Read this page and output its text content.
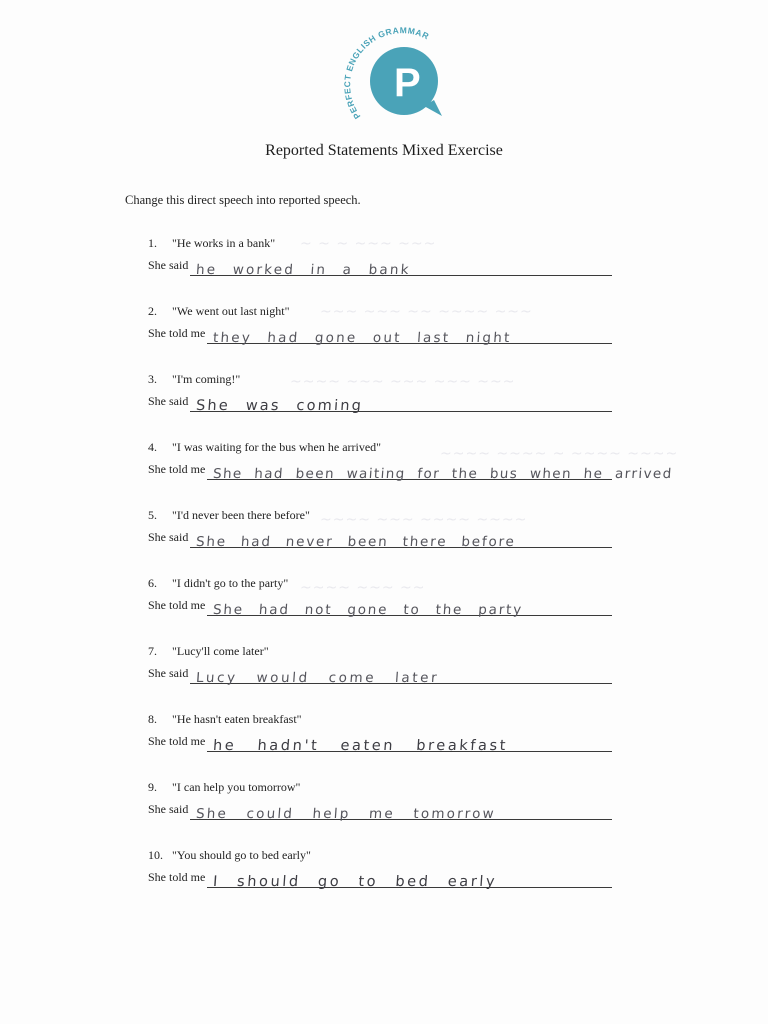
~ ~ ~ ~~~ ~~~
~~~ ~~~ ~~ ~~~~ ~~~
~~~~ ~~~ ~~~ ~~~ ~~~
~~~~ ~~~~ ~ ~~~~ ~~~~
~~~~ ~~~ ~~~~ ~~~~
~~~~ ~~~ ~~
P
PERFECT ENGLISH GRAMMAR
Reported Statements Mixed Exercise
Change this direct speech into reported speech.
1. "He works in a bank"
She said he worked in a bank
2. "We went out last night"
She told me they had gone out last night
3. "I'm coming!"
She said She was coming
4. "I was waiting for the bus when he arrived"
She told me She had been waiting for the bus when he arrived
5. "I'd never been there before"
She said She had never been there before
6. "I didn't go to the party"
She told me She had not gone to the party
7. "Lucy'll come later"
She said Lucy would come later
8. "He hasn't eaten breakfast"
She told me he hadn't eaten breakfast
9. "I can help you tomorrow"
She said She could help me tomorrow
10. "You should go to bed early"
She told me I should go to bed early
